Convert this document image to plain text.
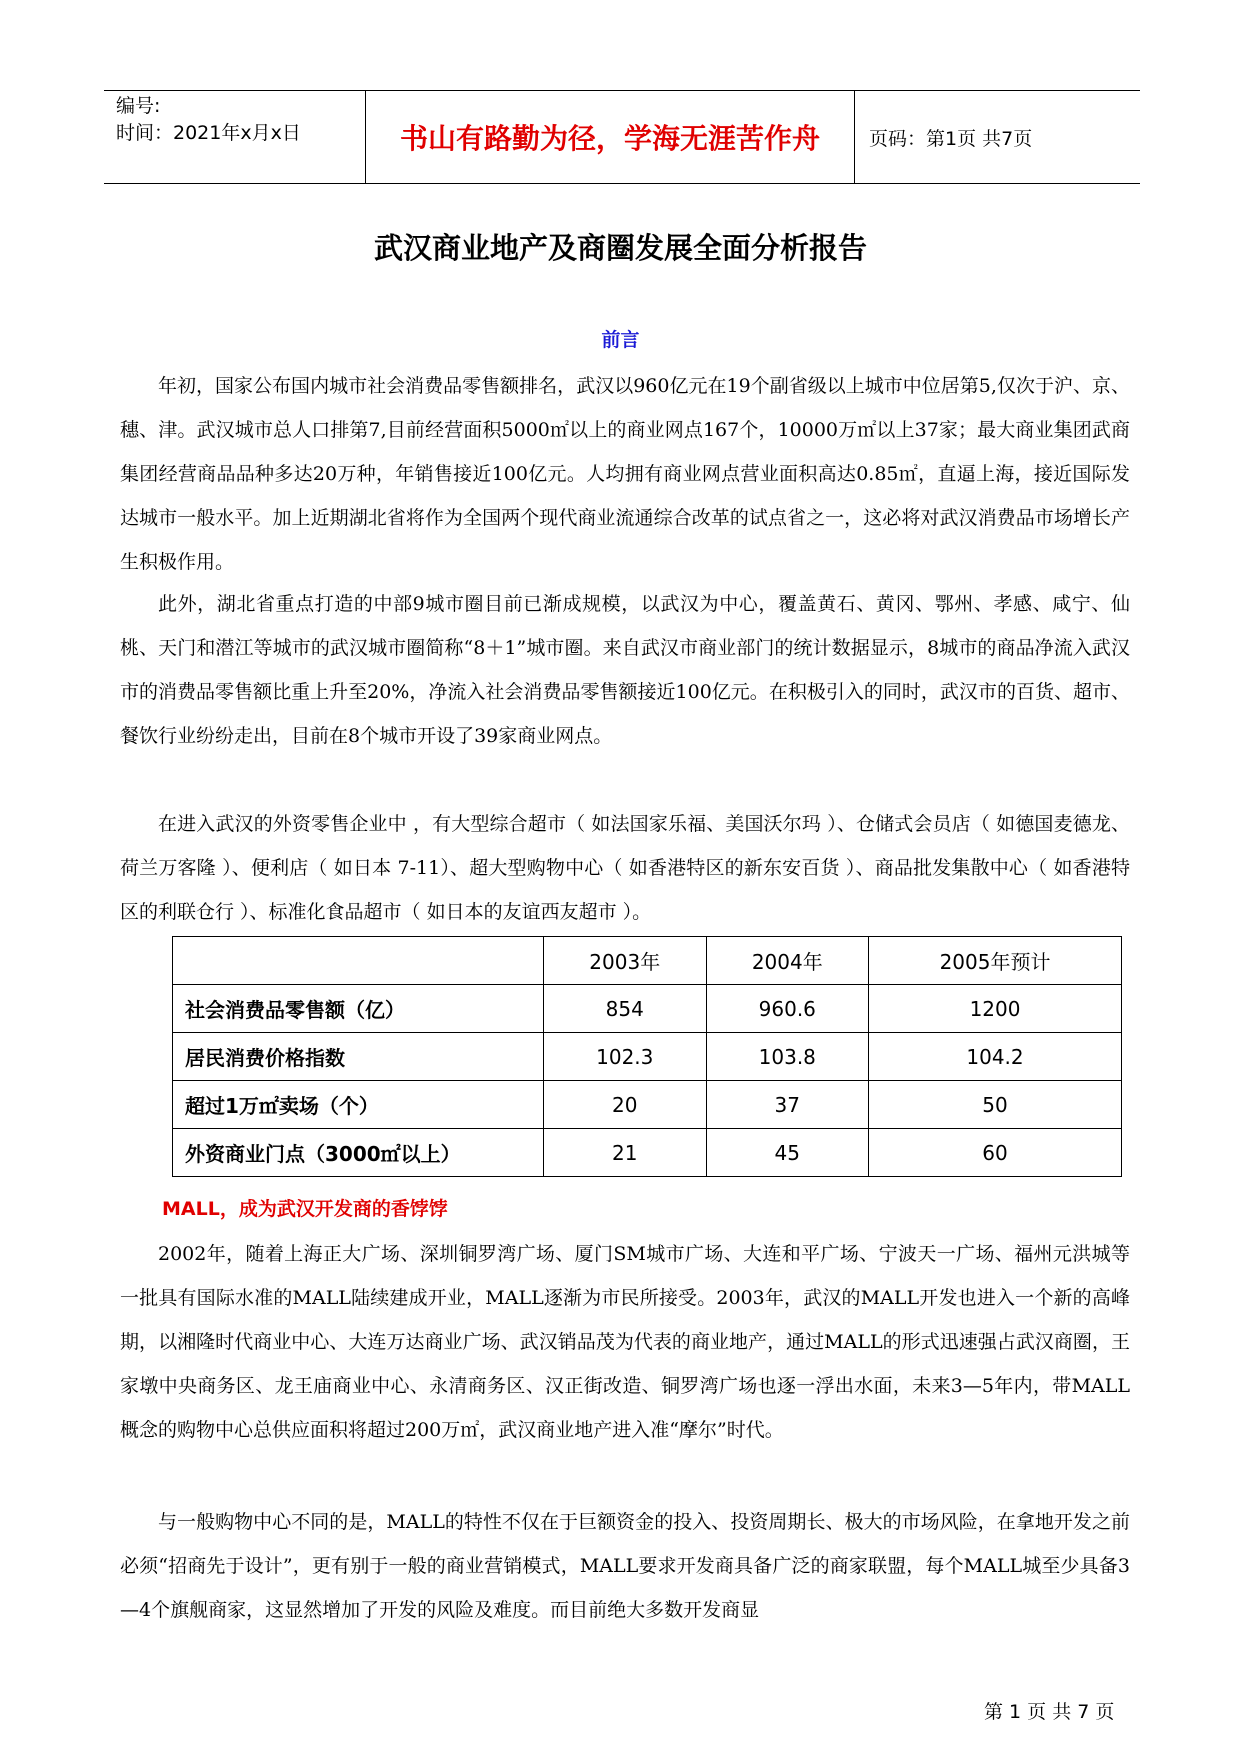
编号:
时间：2021年x月x日	书山有路勤为径，学海无涯苦作舟	页码：第1页 共7页
武汉商业地产及商圈发展全面分析报告
前言

年初，国家公布国内城市社会消费品零售额排名，武汉以960亿元在19个副省级以上城市中位居第5,仅次于沪、京、穗、津。武汉城市总人口排第7,目前经营面积5000㎡以上的商业网点167个，10000万㎡以上37家；最大商业集团武商集团经营商品品种多达20万种，年销售接近100亿元。人均拥有商业网点营业面积高达0.85㎡，直逼上海，接近国际发达城市一般水平。加上近期湖北省将作为全国两个现代商业流通综合改革的试点省之一，这必将对武汉消费品市场增长产生积极作用。

此外，湖北省重点打造的中部9城市圈目前已渐成规模，以武汉为中心，覆盖黄石、黄冈、鄂州、孝感、咸宁、仙桃、天门和潜江等城市的武汉城市圈简称“8＋1”城市圈。来自武汉市商业部门的统计数据显示，8城市的商品净流入武汉市的消费品零售额比重上升至20%，净流入社会消费品零售额接近100亿元。在积极引入的同时，武汉市的百货、超市、餐饮行业纷纷走出，目前在8个城市开设了39家商业网点。

在进入武汉的外资零售企业中 ，有大型综合超市（ 如法国家乐福、美国沃尔玛 ）、仓储式会员店（ 如德国麦德龙、荷兰万客隆 ）、便利店（ 如日本 7-11）、超大型购物中心（ 如香港特区的新东安百货 ）、商品批发集散中心（ 如香港特区的利联仓行 ）、标准化食品超市（ 如日本的友谊西友超市 ）。

	2003年	2004年	2005年预计
社会消费品零售额（亿）	854	960.6	1200
居民消费价格指数	102.3	103.8	104.2
超过1万㎡卖场（个）	20	37	50
外资商业门点（3000㎡以上）	21	45	60
MALL，成为武汉开发商的香饽饽

2002年，随着上海正大广场、深圳铜罗湾广场、厦门SM城市广场、大连和平广场、宁波天一广场、福州元洪城等一批具有国际水准的MALL陆续建成开业，MALL逐渐为市民所接受。2003年，武汉的MALL开发也进入一个新的高峰期，以湘隆时代商业中心、大连万达商业广场、武汉销品茂为代表的商业地产，通过MALL的形式迅速强占武汉商圈，王家墩中央商务区、龙王庙商业中心、永清商务区、汉正街改造、铜罗湾广场也逐一浮出水面，未来3—5年内，带MALL概念的购物中心总供应面积将超过200万㎡，武汉商业地产进入准“摩尔”时代。

与一般购物中心不同的是，MALL的特性不仅在于巨额资金的投入、投资周期长、极大的市场风险，在拿地开发之前必须“招商先于设计”，更有别于一般的商业营销模式，MALL要求开发商具备广泛的商家联盟，每个MALL城至少具备3—4个旗舰商家，这显然增加了开发的风险及难度。而目前绝大多数开发商显

第 1 页 共 7 页
